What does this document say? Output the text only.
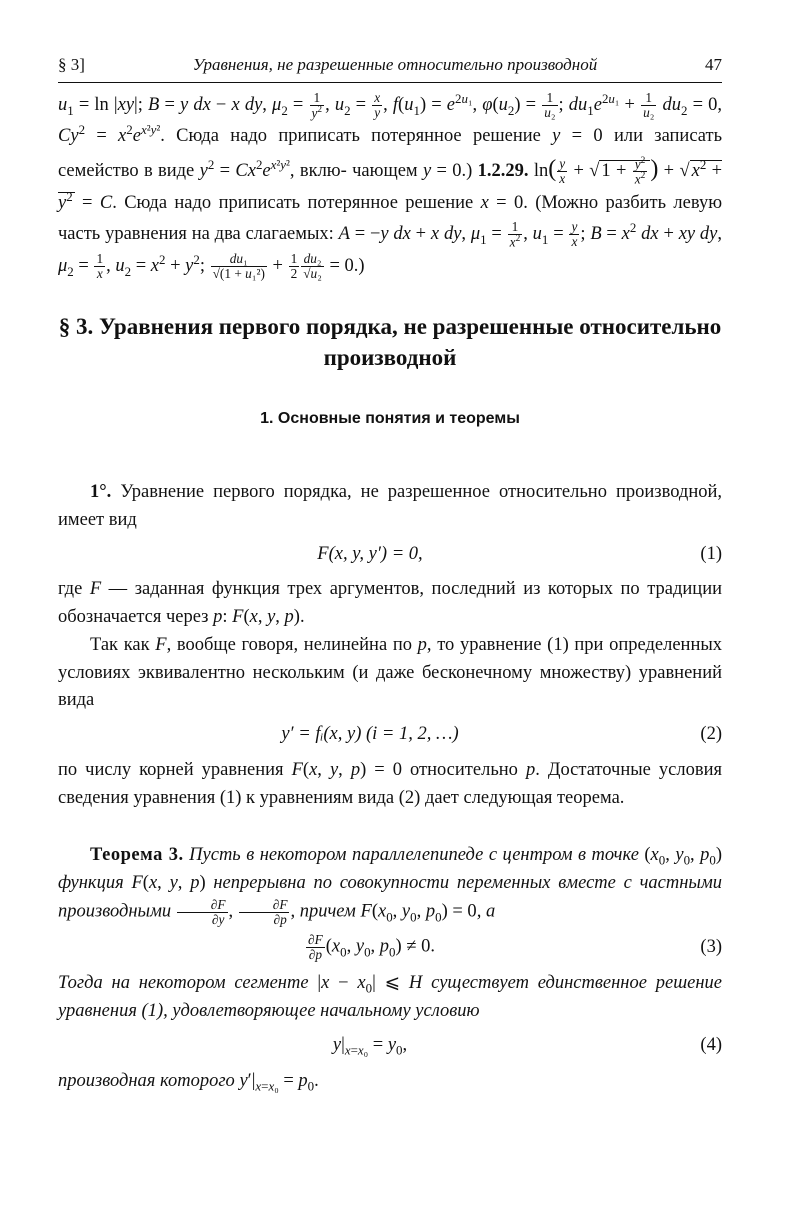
§ 3]	Уравнения, не разрешенные относительно производной	47

$u_1 = \ln |xy|$; B = y dx − x dy, $\mu_2 = \frac{1}{y^2}$ , $u_2 = \frac{x}{y}$ , $f(u_1) = e^{2u_1}$, $\varphi(u_2) = \frac{1}{\text{u₂}}$ ; $du_1e^{2u_1} + \frac{1}{\text{u₂}} du_2 = 0$, $Cy^2 = x^2e^{x^2y^2}$. Сюда надо приписать потерянное решение y = 0 или записать семейство в виде $y^2 = Cx^2e^{x^2y^2}$, вклю- чающем y = 0.) 1.2.29. $\ln( \frac{y}{x}$ + √ $1 + \frac{y^2}{x^2}$ ) + √ $x^2 + y^2 = C$. Сюда надо приписать потерянное решение x = 0. (Можно разбить левую часть уравнения на два слагаемых: A = −y dx + x dy, $\mu_1 = \frac{1}{x^2}$ , $u_1 = \frac{y}{x}$ ; $B = x^2$ dx + xy dy, $\mu_2 = \frac{1}{x}$ , $u_2 = x^2 + y^2$; $\frac{\text{du₁}}{\text{√(1 + u₁²)}} + \frac{1}{2} \frac{\text{du₂}}{\text{√u₂}} = 0$.)

§ 3. Уравнения первого порядка, не разрешенные относительно производной
1. Основные понятия и теоремы

1°. Уравнение первого порядка, не разрешенное относительно производной, имеет вид

F(x, y, y′) = 0,	(1)

где F — заданная функция трех аргументов, последний из которых по традиции обозначается через p: F(x, y, p).

Так как F, вообще говоря, нелинейна по p, то уравнение (1) при определенных условиях эквивалентно нескольким (и даже бесконечному множеству) уравнений вида

y′ = fᵢ(x, y) (i = 1, 2, …)	(2)

по числу корней уравнения F(x, y, p) = 0 относительно p. Достаточные условия сведения уравнения (1) к уравнениям вида (2) дает следующая теорема.

Теорема 3. Пусть в некотором параллелепипеде с центром в точке ($x_0$, $y_0$, $p_0$) функция F(x, y, p) непрерывна по совокупности переменных вместе с частными производными $\frac{\partial F}{\partial y}$ , $\frac{\partial F}{\partial p}$ , причем $F(x_0$, $y_0$, $p_0) = 0$, а

$\frac{\partial F}{\partial p} (x_0$, $y_0$, $p_0) \ne 0$.	(3)

Тогда на некотором сегменте $|x - x_0|$ ⩽ H существует единственное решение уравнения (1), удовлетворяющее начальному условию

$y|_{x=x_0} = y_0$,	(4)

производная которого $y'|_{x=x_0} = p_0$.
